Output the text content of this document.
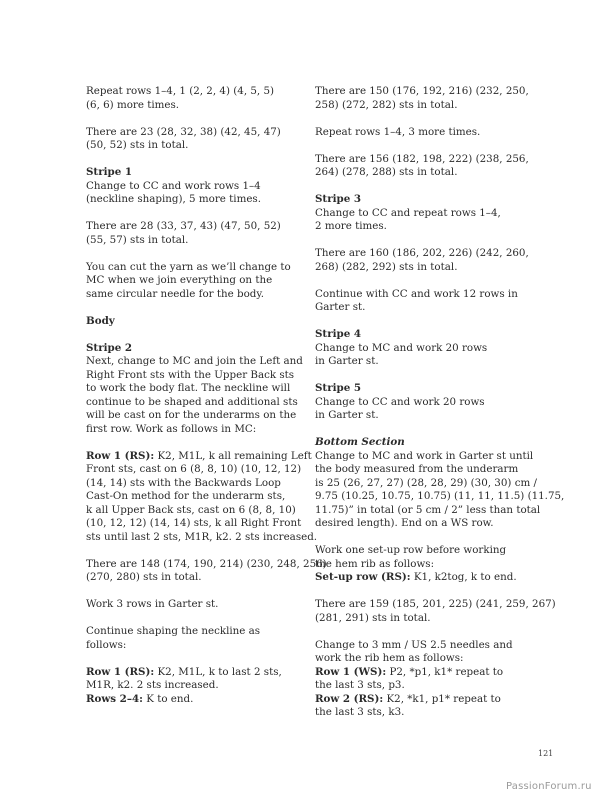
Repeat rows 1–4, 1 (2, 2, 4) (4, 5, 5)
(6, 6) more times.
There are 23 (28, 32, 38) (42, 45, 47)
(50, 52) sts in total.
Stripe 1
Change to CC and work rows 1–4
(neckline shaping), 5 more times.
There are 28 (33, 37, 43) (47, 50, 52)
(55, 57) sts in total.
You can cut the yarn as we’ll change to
MC when we join everything on the
same circular needle for the body.
Body
Stripe 2
Next, change to MC and join the Left and
Right Front sts with the Upper Back sts
to work the body flat. The neckline will
continue to be shaped and additional sts
will be cast on for the underarms on the
first row. Work as follows in MC:
Row 1 (RS): K2, M1L, k all remaining Left
Front sts, cast on 6 (8, 8, 10) (10, 12, 12)
(14, 14) sts with the Backwards Loop
Cast-On method for the underarm sts,
k all Upper Back sts, cast on 6 (8, 8, 10)
(10, 12, 12) (14, 14) sts, k all Right Front
sts until last 2 sts, M1R, k2. 2 sts increased.
There are 148 (174, 190, 214) (230, 248, 256)
(270, 280) sts in total.
Work 3 rows in Garter st.
Continue shaping the neckline as
follows:
Row 1 (RS): K2, M1L, k to last 2 sts,
M1R, k2. 2 sts increased.
Rows 2–4: K to end.
There are 150 (176, 192, 216) (232, 250,
258) (272, 282) sts in total.
Repeat rows 1–4, 3 more times.
There are 156 (182, 198, 222) (238, 256,
264) (278, 288) sts in total.
Stripe 3
Change to CC and repeat rows 1–4,
2 more times.
There are 160 (186, 202, 226) (242, 260,
268) (282, 292) sts in total.
Continue with CC and work 12 rows in
Garter st.
Stripe 4
Change to MC and work 20 rows
in Garter st.
Stripe 5
Change to CC and work 20 rows
in Garter st.
Bottom Section
Change to MC and work in Garter st until
the body measured from the underarm
is 25 (26, 27, 27) (28, 28, 29) (30, 30) cm /
9.75 (10.25, 10.75, 10.75) (11, 11, 11.5) (11.75,
11.75)” in total (or 5 cm / 2” less than total
desired length). End on a WS row.
Work one set-up row before working
the hem rib as follows:
Set-up row (RS): K1, k2tog, k to end.
There are 159 (185, 201, 225) (241, 259, 267)
(281, 291) sts in total.
Change to 3 mm / US 2.5 needles and
work the rib hem as follows:
Row 1 (WS): P2, *p1, k1* repeat to
the last 3 sts, p3.
Row 2 (RS): K2, *k1, p1* repeat to
the last 3 sts, k3.
121
PassionForum.ru
